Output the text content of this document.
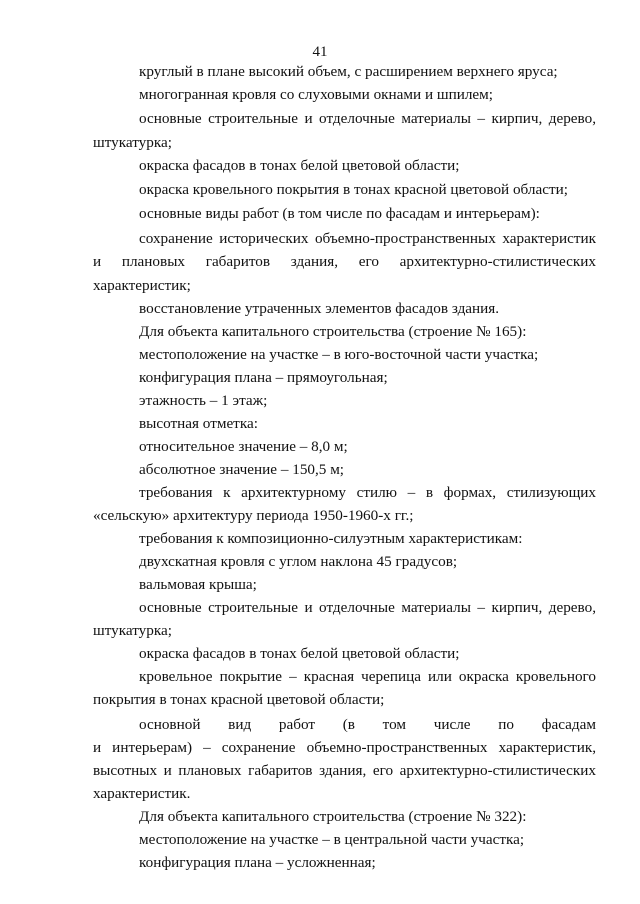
41
круглый в плане высокий объем, с расширением верхнего яруса;
многогранная кровля со слуховыми окнами и шпилем;
основные строительные и отделочные материалы – кирпич, дерево,
штукатурка;
окраска фасадов в тонах белой цветовой области;
окраска кровельного покрытия в тонах красной цветовой области;
основные виды работ (в том числе по фасадам и интерьерам):
сохранение исторических объемно-пространственных характеристик
и плановых габаритов здания, его архитектурно-стилистических
характеристик;
восстановление утраченных элементов фасадов здания.
Для объекта капитального строительства (строение № 165):
местоположение на участке – в юго-восточной части участка;
конфигурация плана – прямоугольная;
этажность – 1 этаж;
высотная отметка:
относительное значение – 8,0 м;
абсолютное значение – 150,5 м;
требования к архитектурному стилю – в формах, стилизующих
«сельскую» архитектуру периода 1950-1960-х гг.;
требования к композиционно-силуэтным характеристикам:
двухскатная кровля с углом наклона 45 градусов;
вальмовая крыша;
основные строительные и отделочные материалы – кирпич, дерево,
штукатурка;
окраска фасадов в тонах белой цветовой области;
кровельное покрытие – красная черепица или окраска кровельного
покрытия в тонах красной цветовой области;
основной вид работ (в том числе по фасадам
и интерьерам) – сохранение объемно-пространственных характеристик,
высотных и плановых габаритов здания, его архитектурно-стилистических
характеристик.
Для объекта капитального строительства (строение № 322):
местоположение на участке – в центральной части участка;
конфигурация плана – усложненная;
